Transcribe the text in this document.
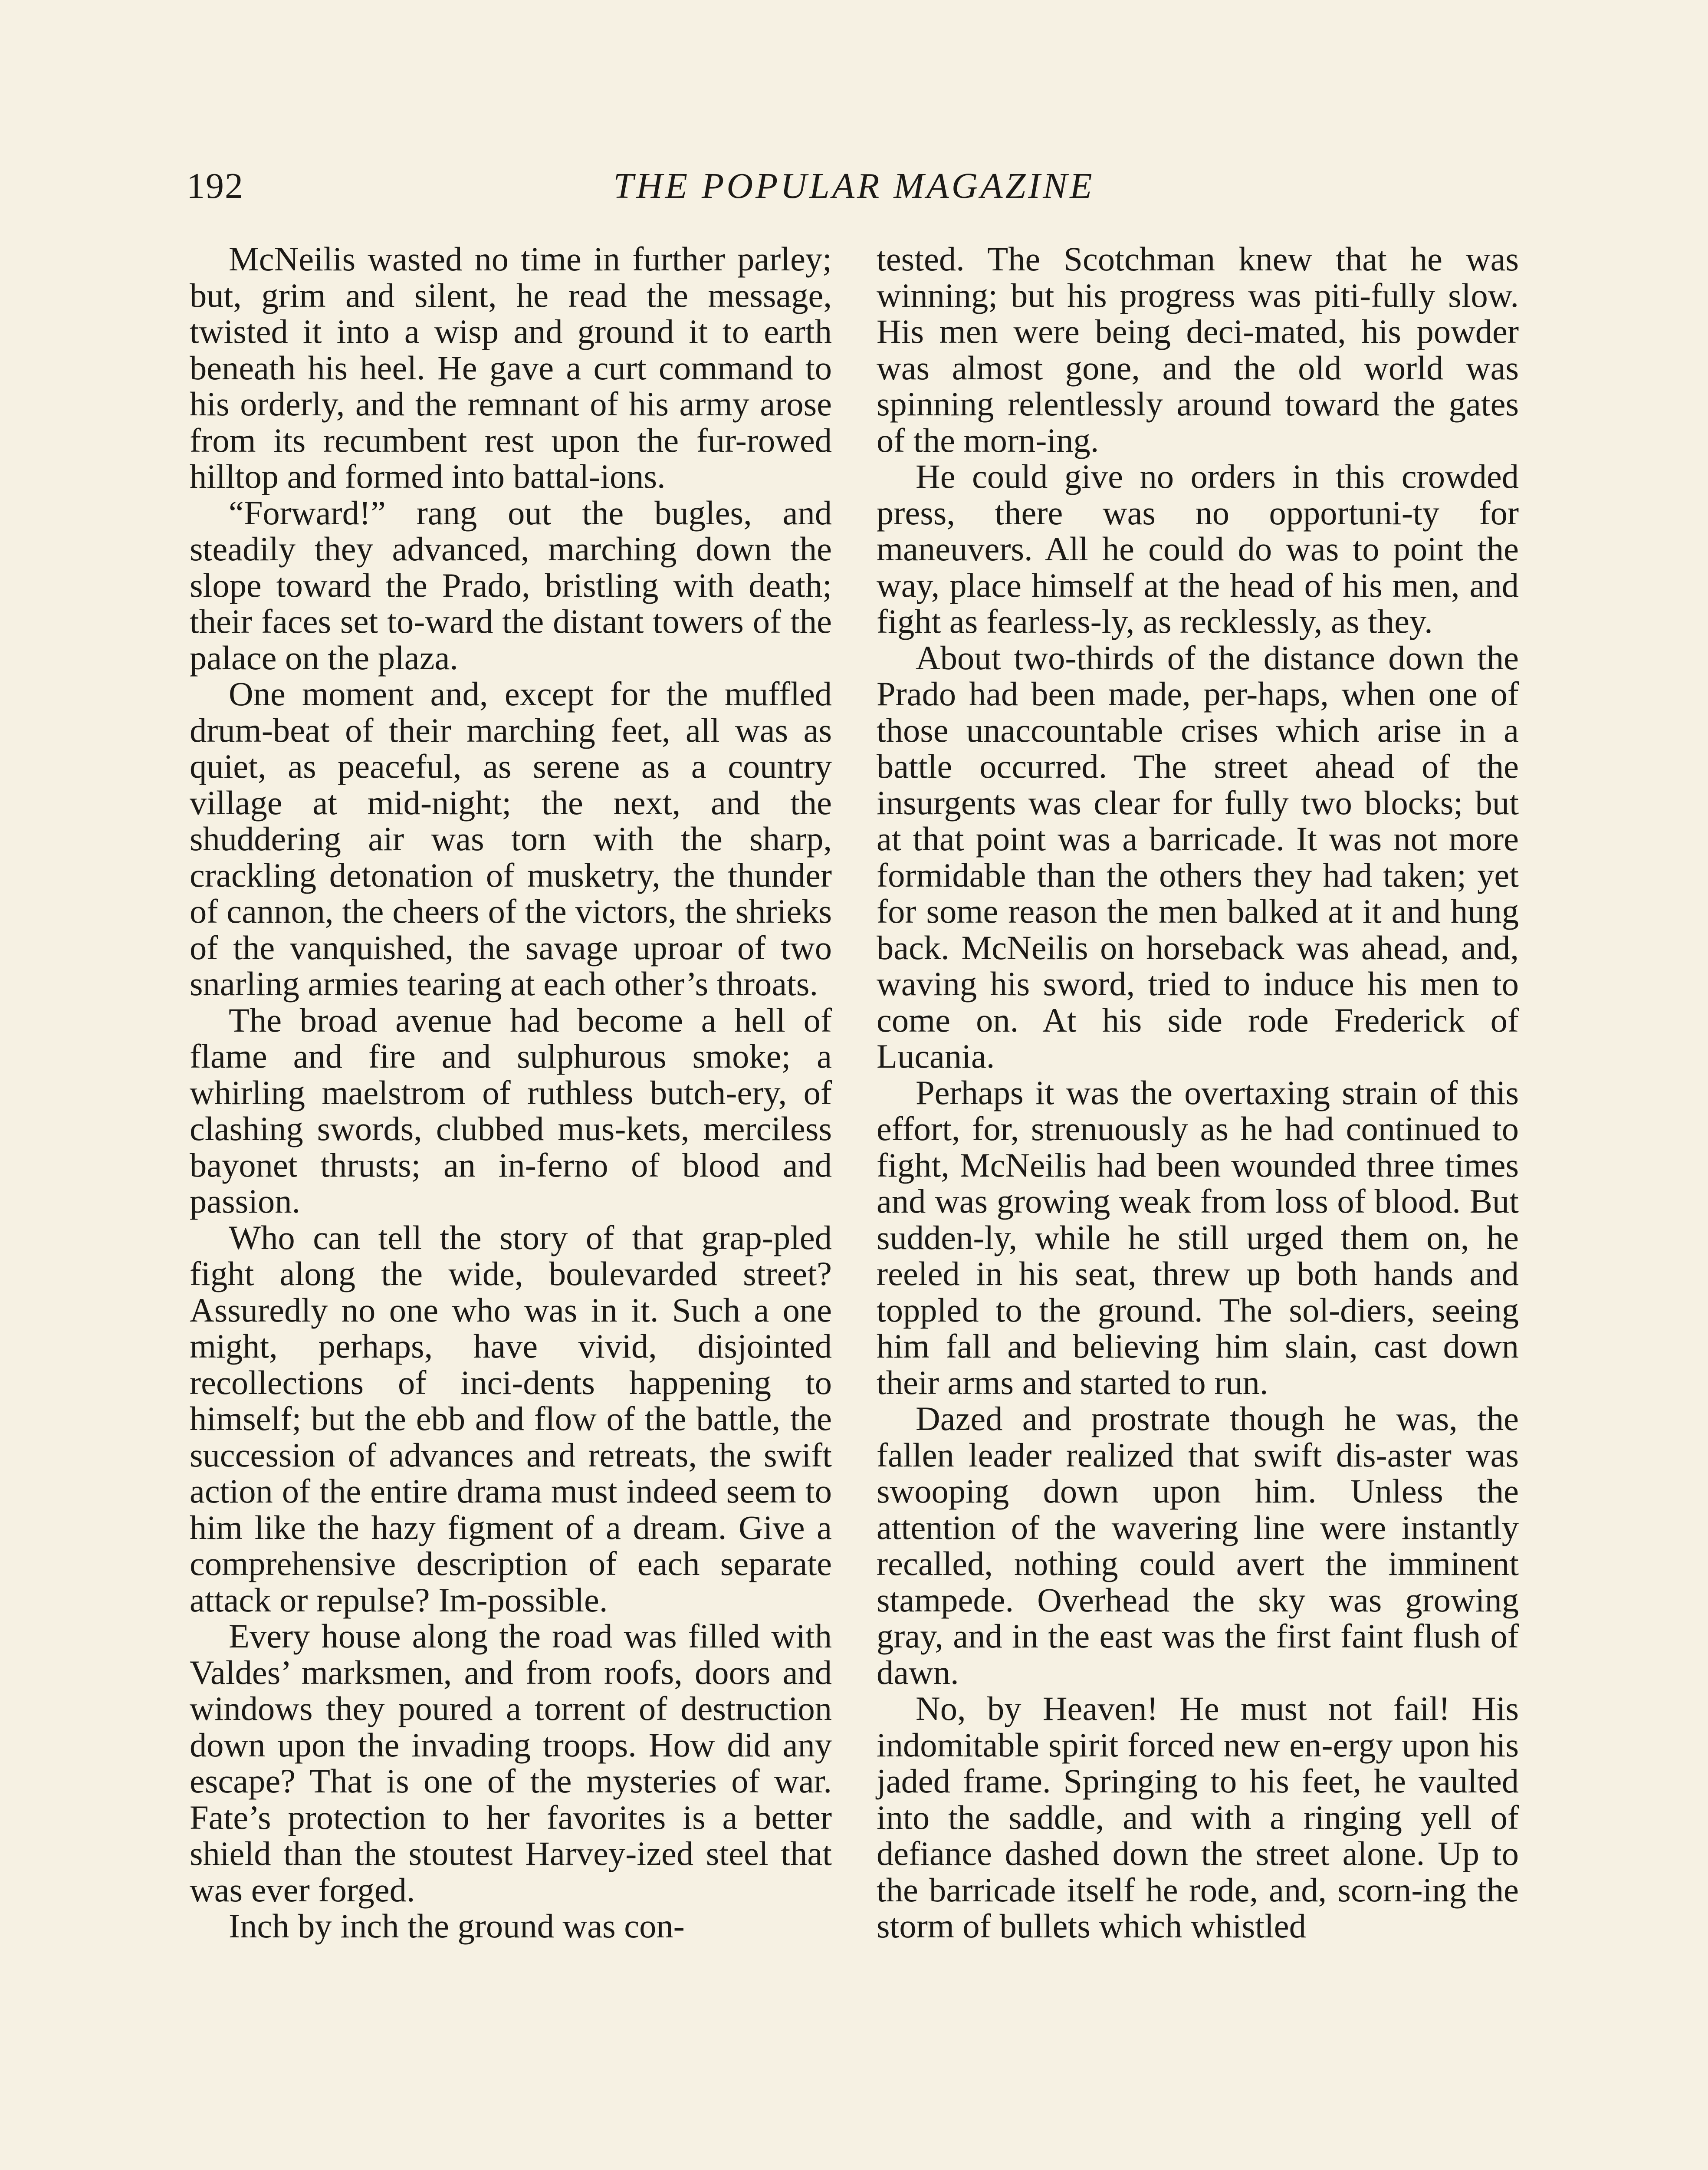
192	THE POPULAR MAGAZINE

McNeilis wasted no time in further parley; but, grim and silent, he read the message, twisted it into a wisp and ground it to earth beneath his heel. He gave a curt command to his orderly, and the remnant of his army arose from its recumbent rest upon the fur-rowed hilltop and formed into battal-ions.

“Forward!” rang out the bugles, and steadily they advanced, marching down the slope toward the Prado, bristling with death; their faces set to-ward the distant towers of the palace on the plaza.

One moment and, except for the muffled drum-beat of their marching feet, all was as quiet, as peaceful, as serene as a country village at mid-night; the next, and the shuddering air was torn with the sharp, crackling detonation of musketry, the thunder of cannon, the cheers of the victors, the shrieks of the vanquished, the savage uproar of two snarling armies tearing at each other’s throats.

The broad avenue had become a hell of flame and fire and sulphurous smoke; a whirling maelstrom of ruthless butch-ery, of clashing swords, clubbed mus-kets, merciless bayonet thrusts; an in-ferno of blood and passion.

Who can tell the story of that grap-pled fight along the wide, boulevarded street? Assuredly no one who was in it. Such a one might, perhaps, have vivid, disjointed recollections of inci-dents happening to himself; but the ebb and flow of the battle, the succession of advances and retreats, the swift action of the entire drama must indeed seem to him like the hazy figment of a dream. Give a comprehensive description of each separate attack or repulse? Im-possible.

Every house along the road was filled with Valdes’ marksmen, and from roofs, doors and windows they poured a torrent of destruction down upon the invading troops. How did any escape? That is one of the mysteries of war. Fate’s protection to her favorites is a better shield than the stoutest Harvey-ized steel that was ever forged.

Inch by inch the ground was con-

tested. The Scotchman knew that he was winning; but his progress was piti-fully slow. His men were being deci-mated, his powder was almost gone, and the old world was spinning relentlessly around toward the gates of the morn-ing.

He could give no orders in this crowded press, there was no opportuni-ty for maneuvers. All he could do was to point the way, place himself at the head of his men, and fight as fearless-ly, as recklessly, as they.

About two-thirds of the distance down the Prado had been made, per-haps, when one of those unaccountable crises which arise in a battle occurred. The street ahead of the insurgents was clear for fully two blocks; but at that point was a barricade. It was not more formidable than the others they had taken; yet for some reason the men balked at it and hung back. McNeilis on horseback was ahead, and, waving his sword, tried to induce his men to come on. At his side rode Frederick of Lucania.

Perhaps it was the overtaxing strain of this effort, for, strenuously as he had continued to fight, McNeilis had been wounded three times and was growing weak from loss of blood. But sudden-ly, while he still urged them on, he reeled in his seat, threw up both hands and toppled to the ground. The sol-diers, seeing him fall and believing him slain, cast down their arms and started to run.

Dazed and prostrate though he was, the fallen leader realized that swift dis-aster was swooping down upon him. Unless the attention of the wavering line were instantly recalled, nothing could avert the imminent stampede. Overhead the sky was growing gray, and in the east was the first faint flush of dawn.

No, by Heaven! He must not fail! His indomitable spirit forced new en-ergy upon his jaded frame. Springing to his feet, he vaulted into the saddle, and with a ringing yell of defiance dashed down the street alone. Up to the barricade itself he rode, and, scorn-ing the storm of bullets which whistled
